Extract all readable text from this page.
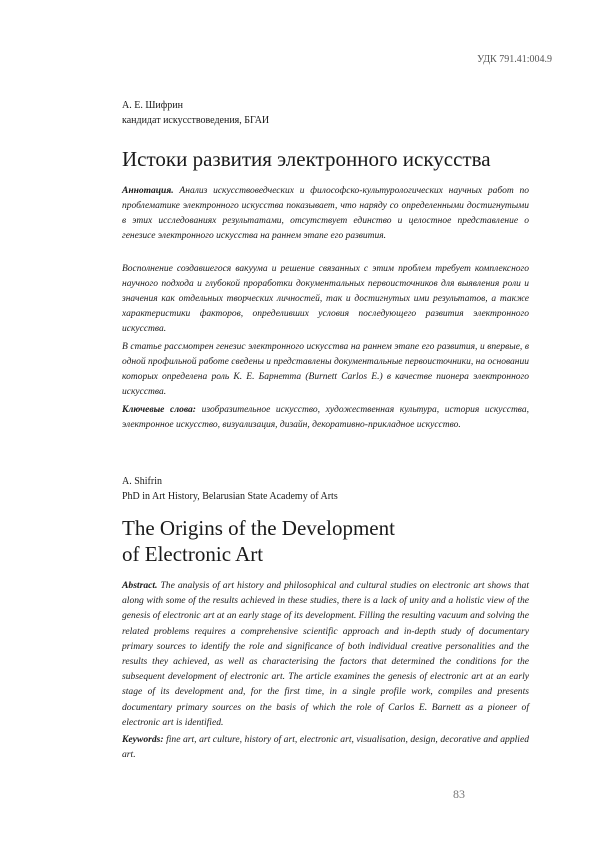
УДК 791.41:004.9
А. Е. Шифрин
кандидат искусствоведения, БГАИ
Истоки развития электронного искусства

Аннотация. Анализ искусствоведческих и философско-культурологических научных работ по проблематике электронного искусства показывает, что наряду со определенными достигнутыми в этих исследованиях результатами, отсутствует единство и целостное представление о генезисе электронного искусства на раннем этапе его развития.

Восполнение создавшегося вакуума и решение связанных с этим проблем требует комплексного научного подхода и глубокой проработки документальных первоисточников для выявления роли и значения как отдельных творческих личностей, так и достигнутых ими результатов, а также характеристики факторов, определивших условия последующего развития электронного искусства.

В статье рассмотрен генезис электронного искусства на раннем этапе его развития, и впервые, в одной профильной работе сведены и представлены документальные первоисточники, на основании которых определена роль К. Е. Барнетта (Burnett Carlos E.) в качестве пионера электронного искусства.

Ключевые слова: изобразительное искусство, художественная культура, история искусства, электронное искусство, визуализация, дизайн, декоративно-прикладное искусство.

A. Shifrin
PhD in Art History, Belarusian State Academy of Arts
The Origins of the Development
of Electronic Art

Abstract. The analysis of art history and philosophical and cultural studies on electronic art shows that along with some of the results achieved in these studies, there is a lack of unity and a holistic view of the genesis of electronic art at an early stage of its development. Filling the resulting vacuum and solving the related problems requires a comprehensive scientific approach and in-depth study of documentary primary sources to identify the role and significance of both individual creative personalities and the results they achieved, as well as characterising the factors that determined the conditions for the subsequent development of electronic art. The article examines the genesis of electronic art at an early stage of its development and, for the first time, in a single profile work, compiles and presents documentary primary sources on the basis of which the role of Carlos E. Barnett as a pioneer of electronic art is identified.

Keywords: fine art, art culture, history of art, electronic art, visualisation, design, decorative and applied art.

83
